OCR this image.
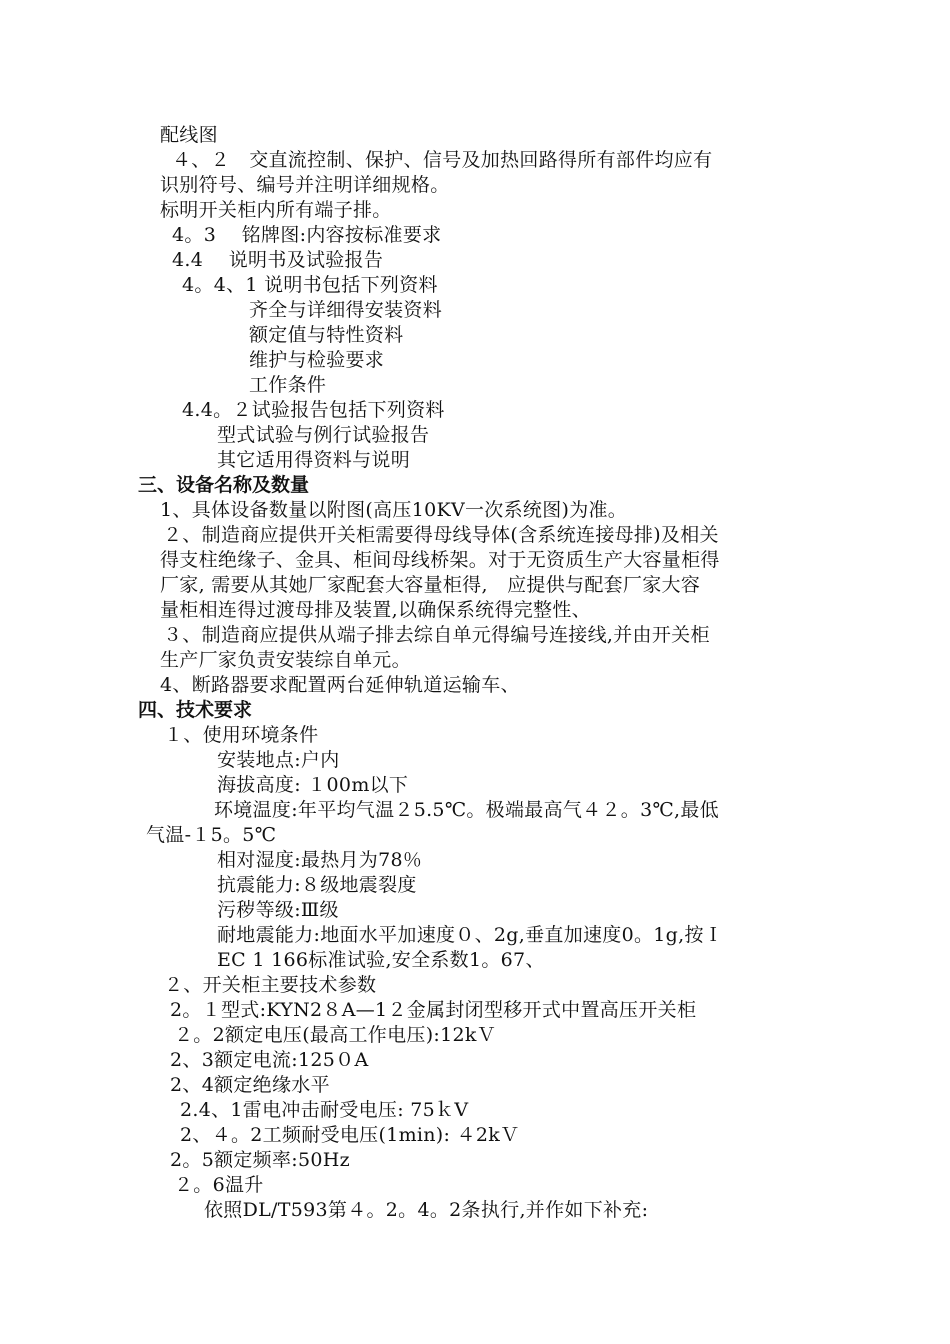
配线图
４、２　交直流控制、保护、信号及加热回路得所有部件均应有
识别符号、编号并注明详细规格。
标明开关柜内所有端子排。
4。3　 铭牌图:内容按标准要求
4.4　 说明书及试验报告
4。4、1 说明书包括下列资料
齐全与详细得安装资料
额定值与特性资料
维护与检验要求
工作条件
4.4。２试验报告包括下列资料
型式试验与例行试验报告
其它适用得资料与说明
三、设备名称及数量
1、具体设备数量以附图(高压10KV一次系统图)为准。
２、制造商应提供开关柜需要得母线导体(含系统连接母排)及相关
得支柱绝缘子、金具、柜间母线桥架。对于无资质生产大容量柜得
厂家, 需要从其她厂家配套大容量柜得,　应提供与配套厂家大容
量柜相连得过渡母排及装置,以确保系统得完整性、
３、制造商应提供从端子排去综自单元得编号连接线,并由开关柜
生产厂家负责安装综自单元。
4、断路器要求配置两台延伸轨道运输车、
四、技术要求
１、使用环境条件
安装地点:户内
海拔高度: １00m以下
环境温度:年平均气温２5.5℃。极端最高气４２。3℃,最低
气温-１5。5℃
相对湿度:最热月为78％
抗震能力:８级地震裂度
污秽等级:Ⅲ级
耐地震能力:地面水平加速度０、2g,垂直加速度0。1g,按Ｉ
EC 1 166标准试验,安全系数1。67、
２、开关柜主要技术参数
2。１型式:KYN2８A—1２金属封闭型移开式中置高压开关柜
２。2额定电压(最高工作电压):12kＶ
2、3额定电流:125０A
2、4额定绝缘水平
2.4、1雷电冲击耐受电压: 75ｋV
2、４。2工频耐受电压(1min): ４2kＶ
2。5额定频率:50Hz
２。6温升
依照DL/T593第４。2。4。2条执行,并作如下补充:
